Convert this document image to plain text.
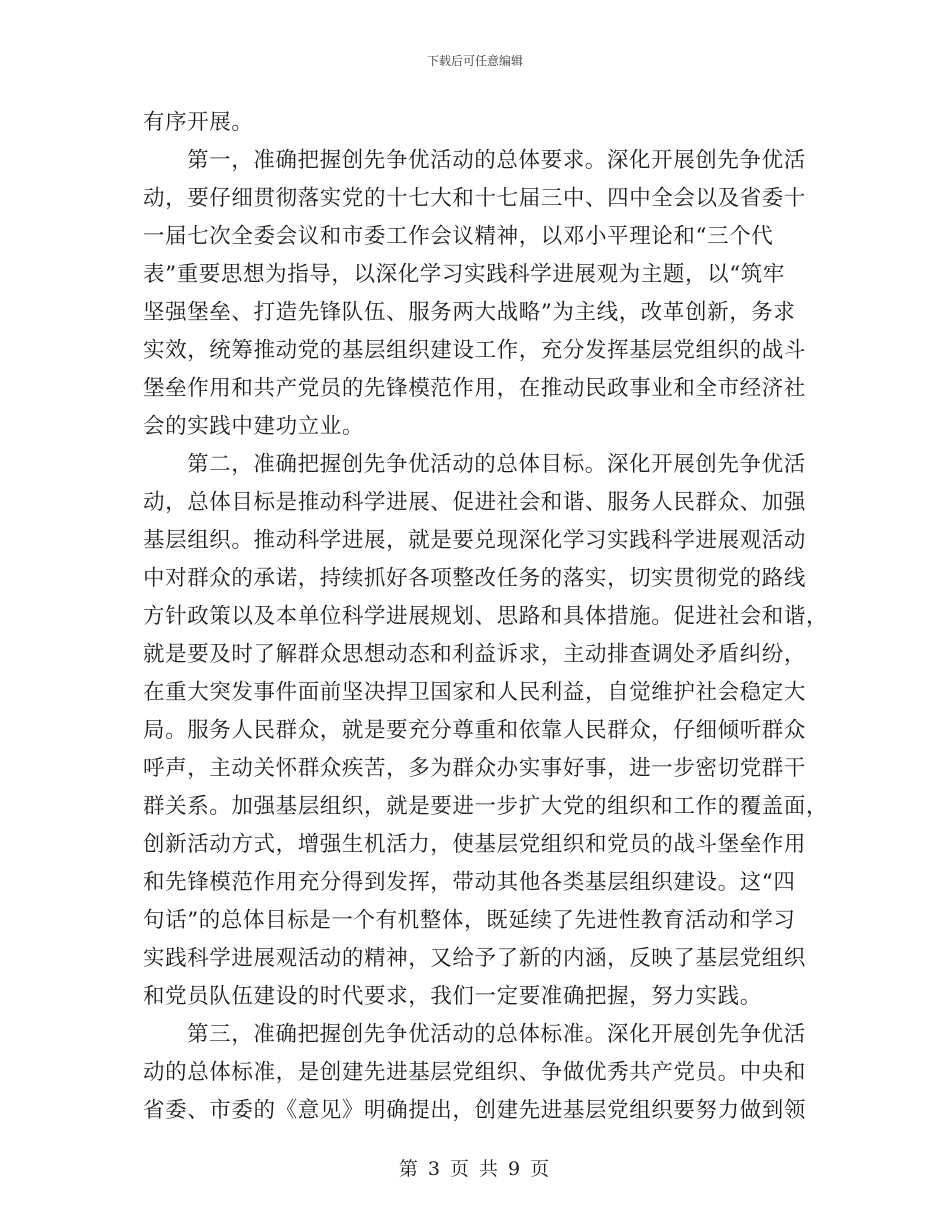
下载后可任意编辑
有序开展。
第一，准确把握创先争优活动的总体要求。深化开展创先争优活
动，要仔细贯彻落实党的十七大和十七届三中、四中全会以及省委十
一届七次全委会议和市委工作会议精神，以邓小平理论和“三个代
表”重要思想为指导，以深化学习实践科学进展观为主题，以“筑牢
坚强堡垒、打造先锋队伍、服务两大战略”为主线，改革创新，务求
实效，统筹推动党的基层组织建设工作，充分发挥基层党组织的战斗
堡垒作用和共产党员的先锋模范作用，在推动民政事业和全市经济社
会的实践中建功立业。
第二，准确把握创先争优活动的总体目标。深化开展创先争优活
动，总体目标是推动科学进展、促进社会和谐、服务人民群众、加强
基层组织。推动科学进展，就是要兑现深化学习实践科学进展观活动
中对群众的承诺，持续抓好各项整改任务的落实，切实贯彻党的路线
方针政策以及本单位科学进展规划、思路和具体措施。促进社会和谐，
就是要及时了解群众思想动态和利益诉求，主动排查调处矛盾纠纷，
在重大突发事件面前坚决捍卫国家和人民利益，自觉维护社会稳定大
局。服务人民群众，就是要充分尊重和依靠人民群众，仔细倾听群众
呼声，主动关怀群众疾苦，多为群众办实事好事，进一步密切党群干
群关系。加强基层组织，就是要进一步扩大党的组织和工作的覆盖面，
创新活动方式，增强生机活力，使基层党组织和党员的战斗堡垒作用
和先锋模范作用充分得到发挥，带动其他各类基层组织建设。这“四
句话”的总体目标是一个有机整体，既延续了先进性教育活动和学习
实践科学进展观活动的精神，又给予了新的内涵，反映了基层党组织
和党员队伍建设的时代要求，我们一定要准确把握，努力实践。
第三，准确把握创先争优活动的总体标准。深化开展创先争优活
动的总体标准，是创建先进基层党组织、争做优秀共产党员。中央和
省委、市委的《意见》明确提出，创建先进基层党组织要努力做到领
第 3 页 共 9 页
